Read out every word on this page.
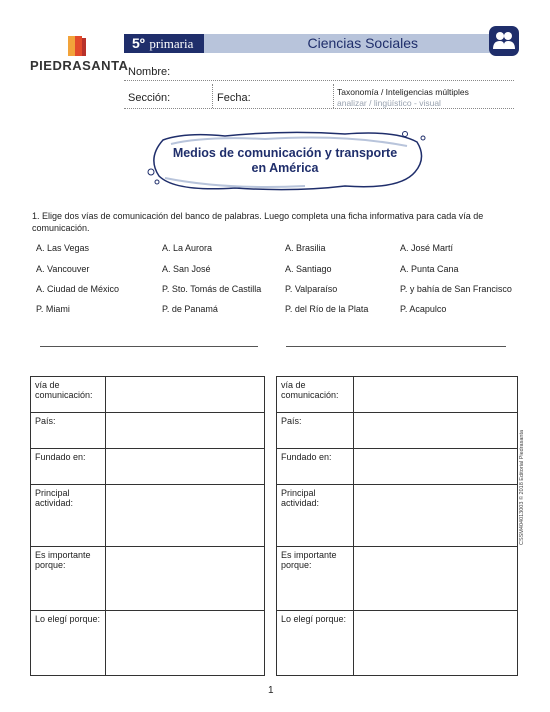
PIEDRASANTA
5º primaria	Ciencias Sociales
Nombre:
Sección:	Fecha:	Taxonomía / Inteligencias múltiples
analizar / lingüístico - visual
Medios de comunicación y transporte
en América
1. Elige dos vías de comunicación del banco de palabras. Luego completa una ficha informativa para cada vía de comunicación.
A. Las Vegas	A. La Aurora	A. Brasilia	A. José Martí
A. Vancouver	A. San José	A. Santiago	A. Punta Cana
A. Ciudad de México	P. Sto. Tomás de Castilla	P. Valparaíso	P. y bahía de San Francisco
P. Miami	P. de Panamá	P. del Río de la Plata	P. Acapulco
vía de comunicación:	
País:	
Fundado en:	
Principal actividad:	
Es importante porque:	
Lo elegí porque:	
vía de comunicación:	
País:	
Fundado en:	
Principal actividad:	
Es importante porque:	
Lo elegí porque:	
CSSM404013003 © 2018 Editorial Piedrasanta
1
